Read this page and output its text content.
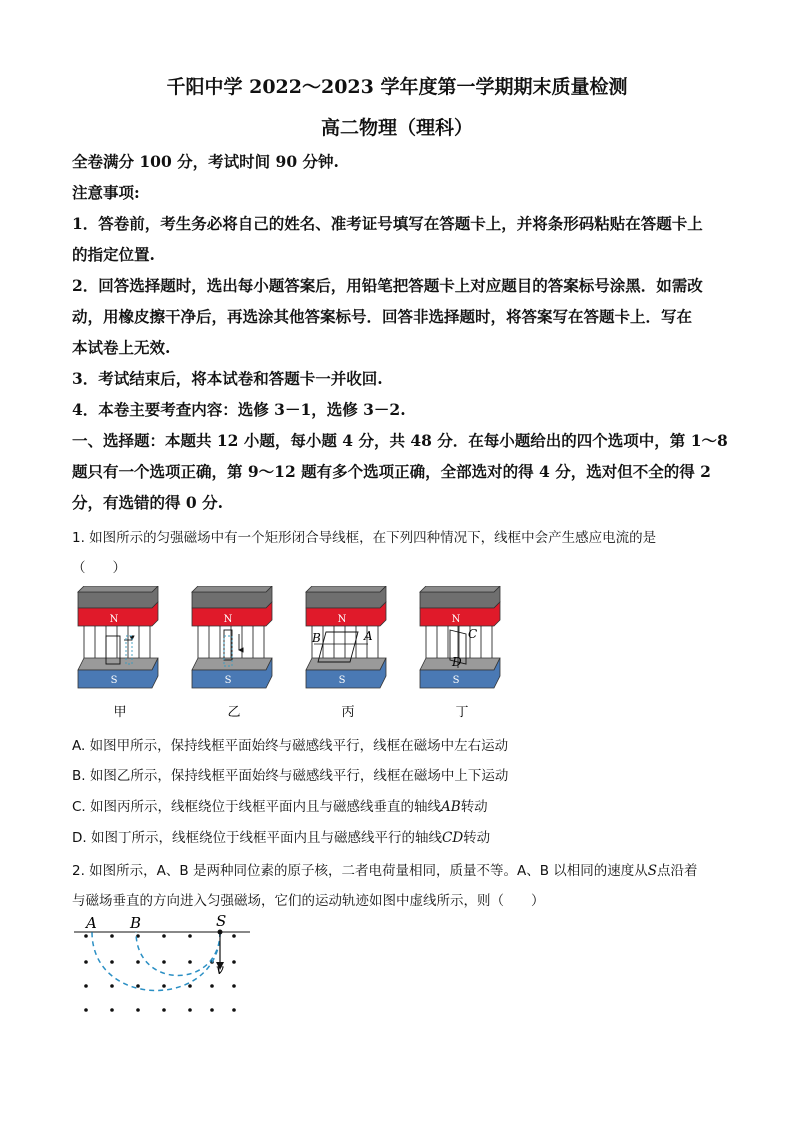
千阳中学 2022～2023 学年度第一学期期末质量检测
高二物理（理科）
全卷满分 100 分，考试时间 90 分钟.
注意事项:
1．答卷前，考生务必将自己的姓名、准考证号填写在答题卡上，并将条形码粘贴在答题卡上
的指定位置.
2．回答选择题时，选出每小题答案后，用铅笔把答题卡上对应题目的答案标号涂黑．如需改
动，用橡皮擦干净后，再选涂其他答案标号．回答非选择题时，将答案写在答题卡上．写在
本试卷上无效.
3．考试结束后，将本试卷和答题卡一并收回.
4．本卷主要考查内容：选修 3－1，选修 3－2.
一、选择题：本题共 12 小题，每小题 4 分，共 48 分．在每小题给出的四个选项中，第 1～8
题只有一个选项正确，第 9～12 题有多个选项正确，全部选对的得 4 分，选对但不全的得 2
分，有选错的得 0 分.
1. 如图所示的匀强磁场中有一个矩形闭合导线框，在下列四种情况下，线框中会产生感应电流的是
（　　）
N
S
N
S
B	A
N
S
C
D
N
S
甲	乙	丙	丁
A. 如图甲所示，保持线框平面始终与磁感线平行，线框在磁场中左右运动
B. 如图乙所示，保持线框平面始终与磁感线平行，线框在磁场中上下运动
C. 如图丙所示，线框绕位于线框平面内且与磁感线垂直的轴线AB转动
D. 如图丁所示，线框绕位于线框平面内且与磁感线平行的轴线CD转动
2. 如图所示，A、B 是两种同位素的原子核，二者电荷量相同，质量不等。A、B 以相同的速度从S点沿着
与磁场垂直的方向进入匀强磁场，它们的运动轨迹如图中虚线所示，则（　　）
A B	S
v
